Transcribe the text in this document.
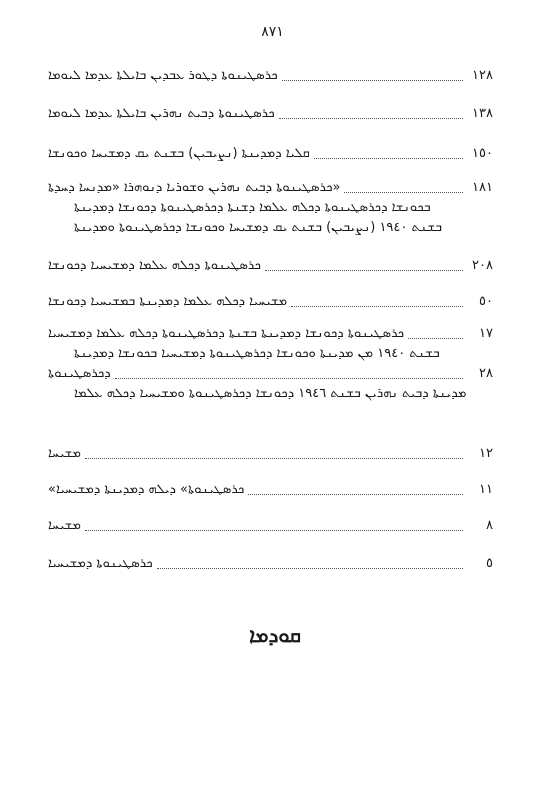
٨٧١
١٢٨
ܟܪܣܛܝܢܘܬܐ ܕܛܘܪ ܥܒܕܝܢ ܒܐܝܠܬܐ ܥܕܡܐ ܠܝܘܡܐ
١٣٨
ܟܪܣܛܝܢܘܬܐ ܕܒܝܬ ܢܗܪܝܢ ܒܐܝܠܬܐ ܥܕܡܐ ܠܝܘܡܐ
١٥٠
ܩܠܝܐ ܕܡܕܝܢܬܐ (ܢܨܝܒܝܢ) ܒܫܢܬ ܝܩ ܕܡܫܝܚܐ ܘܟܘܢܫܐ
١٨١
ܟܪܣܛܝܢܘܬܐ ܕܒܝܬ ܢܗܪܝܢ ܘܫܘܪܝܐ ܕܢܘܗܪܐ «ܡܕܢܚܐ ܕܚܕܬܐ»
ܒܟܘܢܫܐ ܕܟܪܣܛܝܢܘܬܐ ܕܟܠܗ ܥܠܡܐ ܕܫܢܬܐ ܕܟܪܣܛܝܢܘܬܐ ܕܟܘܢܫܐ ܕܡܕܝܢܬܐ
ܒܫܢܬ ١٩٤٠ (ܢܨܝܒܝܢ) ܒܫܢܬ ܝܩ ܕܡܫܝܚܐ ܘܟܘܢܫܐ ܕܟܪܣܛܝܢܘܬܐ ܘܡܕܝܢܬܐ
٢٠٨
ܟܪܣܛܝܢܘܬܐ ܕܟܠܗ ܥܠܡܐ ܕܡܫܝܚܝܐ ܕܟܘܢܫܐ
٥٠
ܡܫܝܚܝܐ ܕܟܠܗ ܥܠܡܐ ܕܡܕܝܢܬܐ ܒܡܫܝܚܝܐ ܕܟܘܢܫܐ
١٧
ܟܪܣܛܝܢܘܬܐ ܕܟܘܢܫܐ ܕܡܕܝܢܬܐ ܒܫܢܬܐ ܕܟܪܣܛܝܢܘܬܐ ܕܟܠܗ ܥܠܡܐ ܕܡܫܝܚܝܐ
ܒܫܢܬ ١٩٤٠ ܡܢ ܡܕܝܢܬܐ ܘܟܘܢܫܐ ܕܟܪܣܛܝܢܘܬܐ ܕܡܫܝܚܝܐ ܒܟܘܢܫܐ ܕܡܕܝܢܬܐ
٢٨
ܕܟܪܣܛܝܢܘܬܐ
ܡܕܝܢܬܐ ܕܒܝܬ ܢܗܪܝܢ ܒܫܢܬ ١٩٤٦ ܕܟܘܢܫܐ ܕܟܪܣܛܝܢܘܬܐ ܘܡܫܝܚܝܐ ܕܟܠܗ ܥܠܡܐ
١٢
ܡܫܝܚܐ
١١
«ܟܪܣܛܝܢܘܬܐ» ܕܝܠܗ ܕܡܕܝܢܬܐ ܕܡܫܝܚܝܐ
٨
ܡܫܝܚܐ
٥
ܟܪܣܛܝܢܘܬܐ ܕܡܫܝܚܝܐ
ܩܘܕܡܐ
